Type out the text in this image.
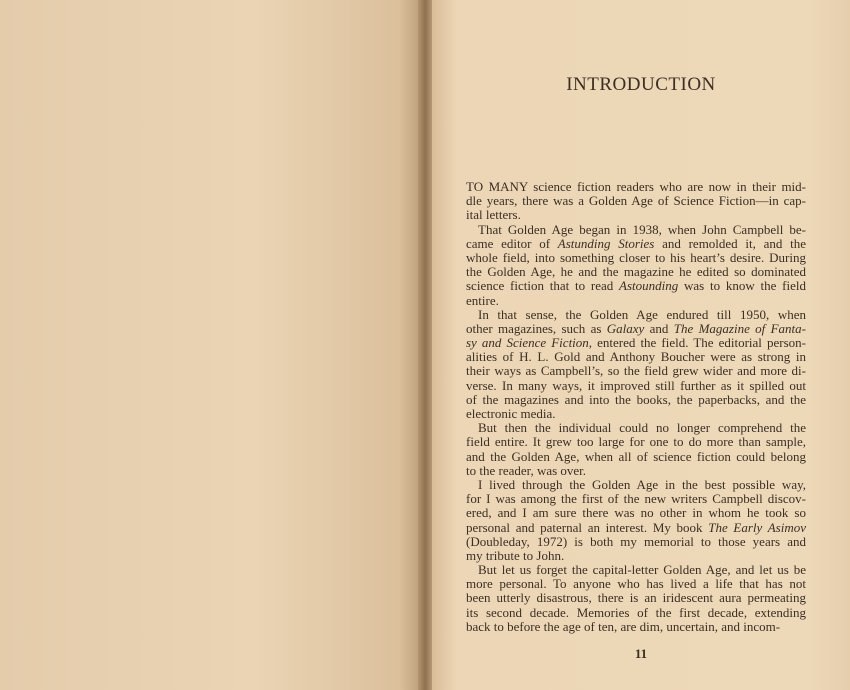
INTRODUCTION
TO MANY science fiction readers who are now in their mid-
dle years, there was a Golden Age of Science Fiction—in cap-
ital letters.
That Golden Age began in 1938, when John Campbell be-
came editor of Astunding Stories and remolded it, and the
whole field, into something closer to his heart’s desire. During
the Golden Age, he and the magazine he edited so dominated
science fiction that to read Astounding was to know the field
entire.
In that sense, the Golden Age endured till 1950, when
other magazines, such as Galaxy and The Magazine of Fanta-
sy and Science Fiction, entered the field. The editorial person-
alities of H. L. Gold and Anthony Boucher were as strong in
their ways as Campbell’s, so the field grew wider and more di-
verse. In many ways, it improved still further as it spilled out
of the magazines and into the books, the paperbacks, and the
electronic media.
But then the individual could no longer comprehend the
field entire. It grew too large for one to do more than sample,
and the Golden Age, when all of science fiction could belong
to the reader, was over.
I lived through the Golden Age in the best possible way,
for I was among the first of the new writers Campbell discov-
ered, and I am sure there was no other in whom he took so
personal and paternal an interest. My book The Early Asimov
(Doubleday, 1972) is both my memorial to those years and
my tribute to John.
But let us forget the capital-letter Golden Age, and let us be
more personal. To anyone who has lived a life that has not
been utterly disastrous, there is an iridescent aura permeating
its second decade. Memories of the first decade, extending
back to before the age of ten, are dim, uncertain, and incom-
11
